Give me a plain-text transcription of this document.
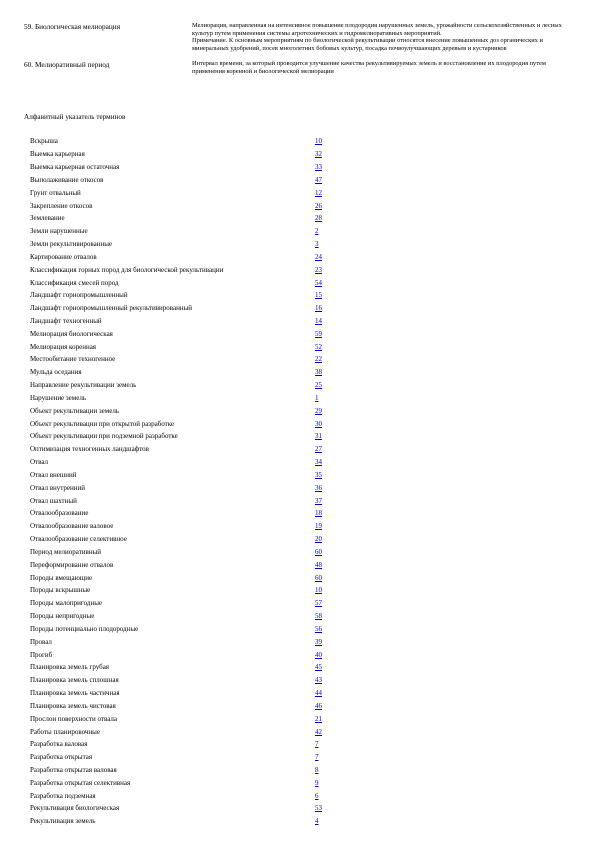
59. Биологическая мелиорация	Мелиорация, направленная на интенсивное повышение плодородия нарушенных земель, урожайности сельскохозяйственных и лесных культур путем применения системы агротехнических и гидромелиоративных мероприятий.

Примечание. К основным мероприятиям по биологической рекультивации относятся внесение повышенных доз органических и минеральных удобрений, посев многолетних бобовых культур, посадка почвоулучшающих деревьев и кустарников

60. Мелиоративный период	Интервал времени, за который проводится улучшение качества рекультивируемых земель и восстановление их плодородия путем применения коренной и биологической мелиорации

Алфавитный указатель терминов
Вскрыша	10
Выемка карьерная	32
Выемка карьерная остаточная	33
Выполаживание откосов	47
Грунт отвальный	12
Закрепление откосов	26
Землевание	28
Земли нарушенные	2
Земли рекультивированные	3
Картирование отвалов	24
Классификация горных пород для биологической рекультивации	23
Классификация смесей пород	54
Ландшафт горнопромышленный	15
Ландшафт горнопромышленный рекультивированный	16
Ландшафт техногенный	14
Мелиорация биологическая	59
Мелиорация коренная	52
Местообитание техногенное	22
Мульда оседания	38
Направление рекультивации земель	25
Нарушение земель	1
Объект рекультивации земель	29
Объект рекультивации при открытой разработке	30
Объект рекультивации при подземной разработке	31
Оптимизация техногенных ландшафтов	27
Отвал	34
Отвал внешний	35
Отвал внутренний	36
Отвал шахтный	37
Отвалообразование	18
Отвалообразование валовое	19
Отвалообразование селективное	20
Период мелиоративный	60
Переформирование отвалов	48
Породы вмещающие	60
Породы вскрышные	10
Породы малопригодные	57
Породы непригодные	58
Породы потенциально плодородные	56
Провал	39
Прогиб	40
Планировка земель грубая	45
Планировка земель сплошная	43
Планировка земель частичная	44
Планировка земель чистовая	46
Прослои поверхности отвала	21
Работы планировочные	42
Разработка валовая	7
Разработка открытая	7
Разработка открытая валовая	8
Разработка открытая селективная	9
Разработка подземная	6
Рекультивация биологическая	53
Рекультивация земель	4
